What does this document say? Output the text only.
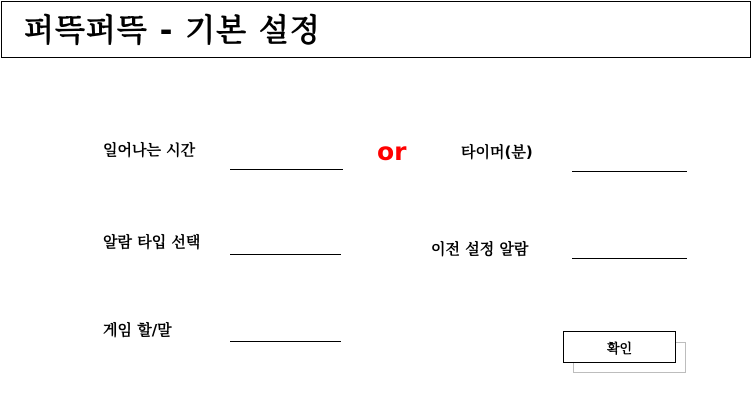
퍼뜩퍼뜩 - 기본 설정
일어나는 시간	or	타이머(분)
알람 타입 선택	이전 설정 알람
게임 할/말
확인
